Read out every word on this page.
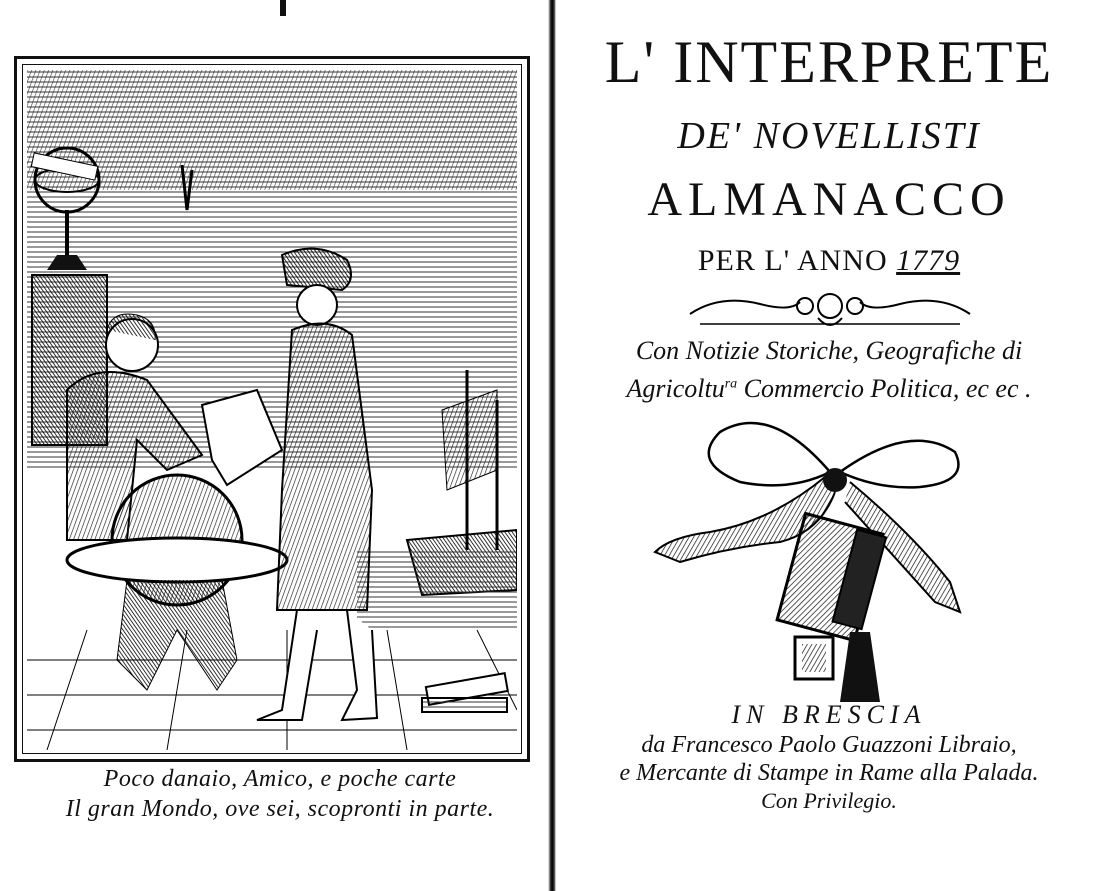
Poco danaio, Amico, e poche carte
Il gran Mondo, ove sei, scopronti in parte.
L' INTERPRETE
DE' NOVELLISTI
ALMANACCO
PER L' ANNO 1779
Con Notizie Storiche, Geografiche di
Agricoltu$^{ra}$ Commercio Politica, ec ec .
IN BRESCIA
da Francesco Paolo Guazzoni Libraio,
e Mercante di Stampe in Rame alla Palada.
Con Privilegio.
